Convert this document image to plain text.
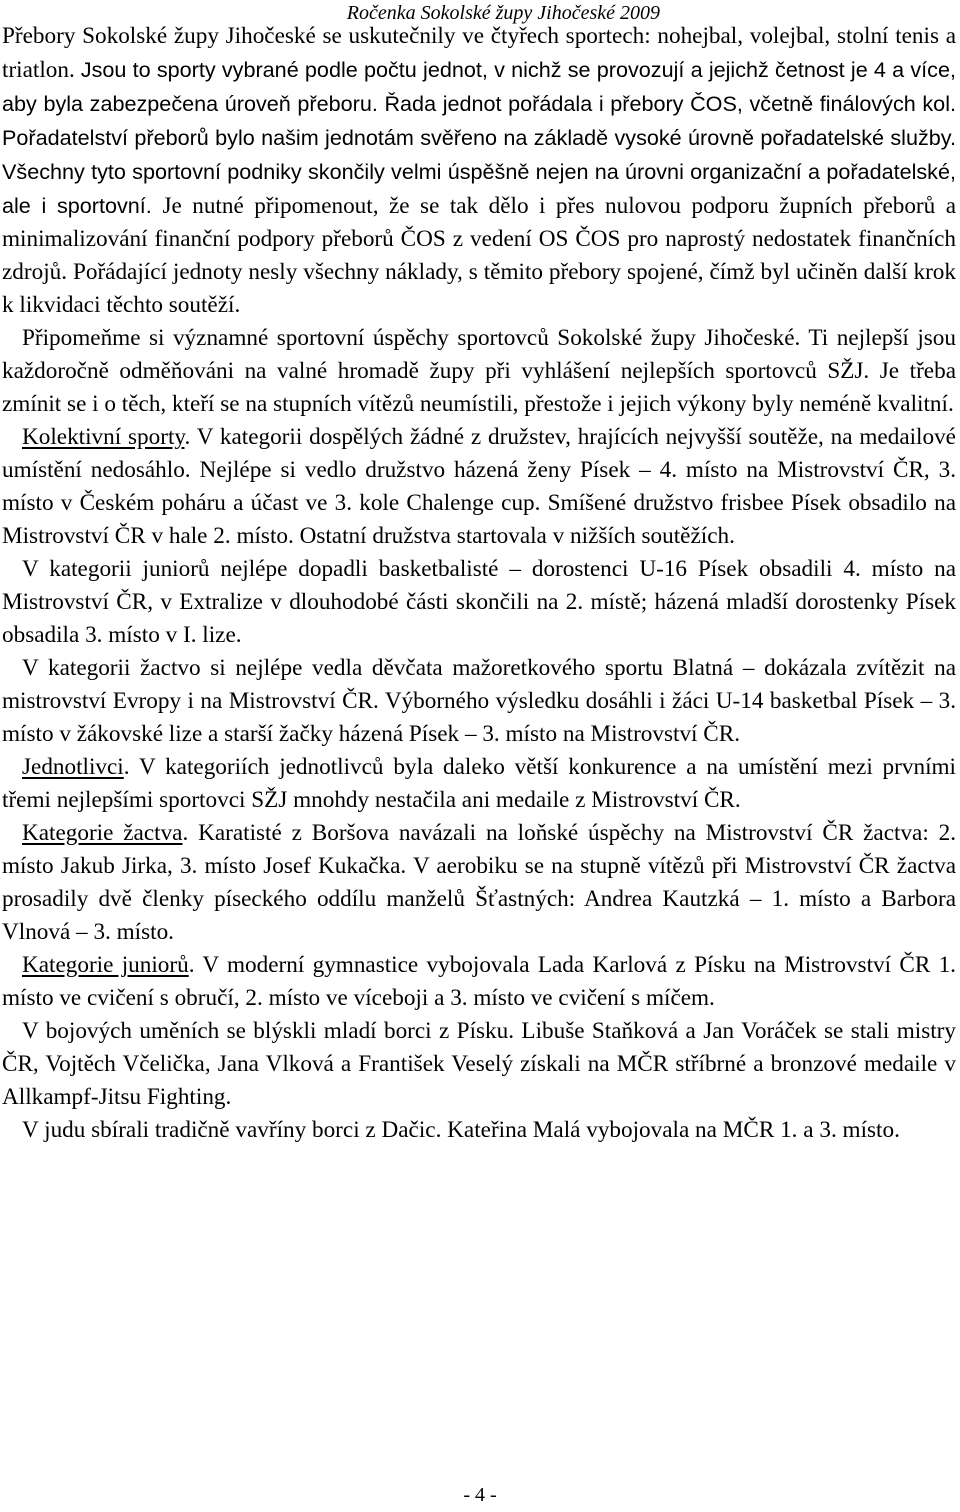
Ročenka Sokolské župy Jihočeské 2009

Přebory Sokolské župy Jihočeské se uskutečnily ve čtyřech sportech: nohejbal, volejbal, stolní tenis a triatlon. Jsou to sporty vybrané podle počtu jednot, v nichž se provozují a jejichž četnost je 4 a více, aby byla zabezpečena úroveň přeboru. Řada jednot pořádala i přebory ČOS, včetně finálových kol. Pořadatelství přeborů bylo našim jednotám svěřeno na základě vysoké úrovně pořadatelské služby. Všechny tyto sportovní podniky skončily velmi úspěšně nejen na úrovni organizační a pořadatelské, ale i sportovní. Je nutné připomenout, že se tak dělo i přes nulovou podporu župních přeborů a minimalizování finanční podpory přeborů ČOS z vedení OS ČOS pro naprostý nedostatek finančních zdrojů. Pořádající jednoty nesly všechny náklady, s těmito přebory spojené, čímž byl učiněn další krok k likvidaci těchto soutěží.

Připomeňme si významné sportovní úspěchy sportovců Sokolské župy Jihočeské. Ti nejlepší jsou každoročně odměňováni na valné hromadě župy při vyhlášení nejlepších sportovců SŽJ. Je třeba zmínit se i o těch, kteří se na stupních vítězů neumístili, přestože i jejich výkony byly neméně kvalitní.

Kolektivní sporty. V kategorii dospělých žádné z družstev, hrajících nejvyšší soutěže, na medailové umístění nedosáhlo. Nejlépe si vedlo družstvo házená ženy Písek – 4. místo na Mistrovství ČR, 3. místo v Českém poháru a účast ve 3. kole Chalenge cup. Smíšené družstvo frisbee Písek obsadilo na Mistrovství ČR v hale 2. místo. Ostatní družstva startovala v nižších soutěžích.

V kategorii juniorů nejlépe dopadli basketbalisté – dorostenci U-16 Písek obsadili 4. místo na Mistrovství ČR, v Extralize v dlouhodobé části skončili na 2. místě; házená mladší dorostenky Písek obsadila 3. místo v I. lize.

V kategorii žactvo si nejlépe vedla děvčata mažoretkového sportu Blatná – dokázala zvítězit na mistrovství Evropy i na Mistrovství ČR. Výborného výsledku dosáhli i žáci U-14 basketbal Písek – 3. místo v žákovské lize a starší žačky házená Písek – 3. místo na Mistrovství ČR.

Jednotlivci. V kategoriích jednotlivců byla daleko větší konkurence a na umístění mezi prvními třemi nejlepšími sportovci SŽJ mnohdy nestačila ani medaile z Mistrovství ČR.

Kategorie žactva. Karatisté z Boršova navázali na loňské úspěchy na Mistrovství ČR žactva: 2. místo Jakub Jirka, 3. místo Josef Kukačka. V aerobiku se na stupně vítězů při Mistrovství ČR žactva prosadily dvě členky píseckého oddílu manželů Šťastných: Andrea Kautzká – 1. místo a Barbora Vlnová – 3. místo.

Kategorie juniorů. V moderní gymnastice vybojovala Lada Karlová z Písku na Mistrovství ČR 1. místo ve cvičení s obručí, 2. místo ve víceboji a 3. místo ve cvičení s míčem.

V bojových uměních se blýskli mladí borci z Písku. Libuše Staňková a Jan Voráček se stali mistry ČR, Vojtěch Včelička, Jana Vlková a František Veselý získali na MČR stříbrné a bronzové medaile v Allkampf-Jitsu Fighting.

V judu sbírali tradičně vavříny borci z Dačic. Kateřina Malá vybojovala na MČR 1. a 3. místo.

- 4 -
